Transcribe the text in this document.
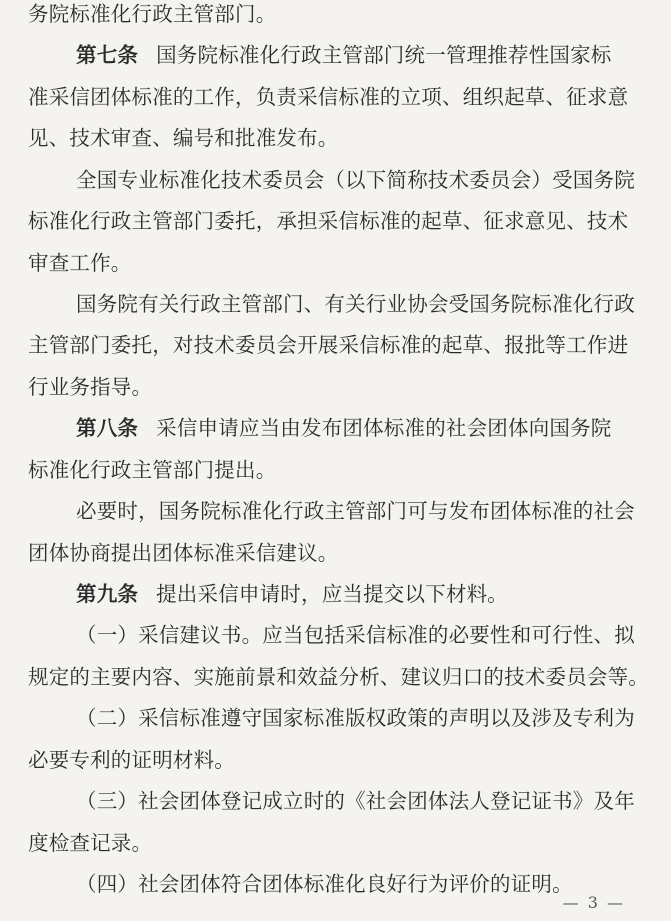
务院标准化行政主管部门。
第七条 国务院标准化行政主管部门统一管理推荐性国家标
准采信团体标准的工作，负责采信标准的立项、组织起草、征求意
见、技术审查、编号和批准发布。
全国专业标准化技术委员会（以下简称技术委员会）受国务院
标准化行政主管部门委托，承担采信标准的起草、征求意见、技术
审查工作。
国务院有关行政主管部门、有关行业协会受国务院标准化行政
主管部门委托，对技术委员会开展采信标准的起草、报批等工作进
行业务指导。
第八条 采信申请应当由发布团体标准的社会团体向国务院
标准化行政主管部门提出。
必要时，国务院标准化行政主管部门可与发布团体标准的社会
团体协商提出团体标准采信建议。
第九条 提出采信申请时，应当提交以下材料。
（一）采信建议书。应当包括采信标准的必要性和可行性、拟
规定的主要内容、实施前景和效益分析、建议归口的技术委员会等。
（二）采信标准遵守国家标准版权政策的声明以及涉及专利为
必要专利的证明材料。
（三）社会团体登记成立时的《社会团体法人登记证书》及年
度检查记录。
（四）社会团体符合团体标准化良好行为评价的证明。
— 3 —
